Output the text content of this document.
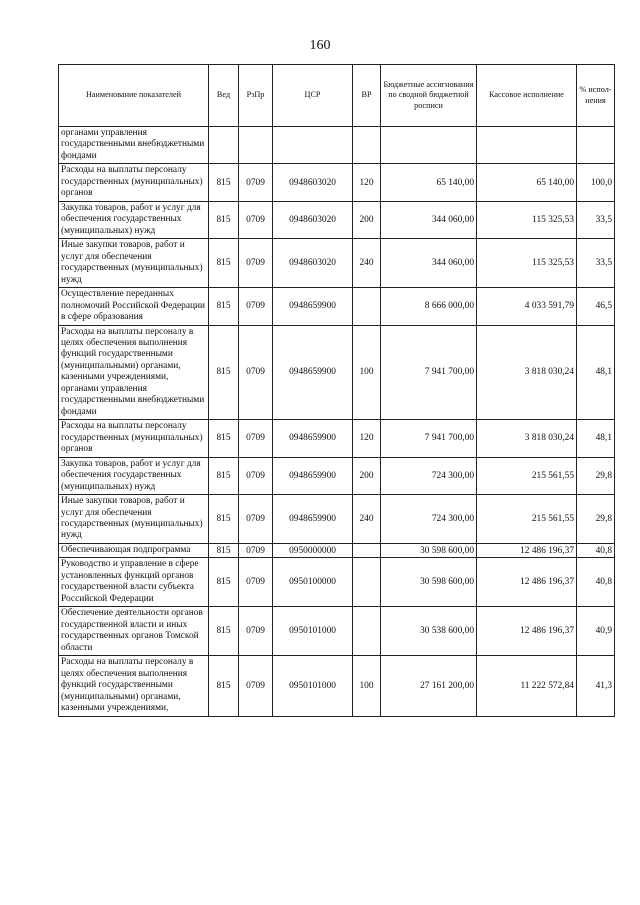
160
Наименование показателей	Вед	РзПр	ЦСР	ВР	Бюджетные ассигнования по сводной бюджетной росписи	Кассовое исполнение	% испол-нения
органами управления государственными внебюджетными фондами							
Расходы на выплаты персоналу государственных (муниципальных) органов	815	0709	0948603020	120	65 140,00	65 140,00	100,0
Закупка товаров, работ и услуг для обеспечения государственных (муниципальных) нужд	815	0709	0948603020	200	344 060,00	115 325,53	33,5
Иные закупки товаров, работ и услуг для обеспечения государственных (муниципальных) нужд	815	0709	0948603020	240	344 060,00	115 325,53	33,5
Осуществление переданных полномочий Российской Федерации в сфере образования	815	0709	0948659900		8 666 000,00	4 033 591,79	46,5
Расходы на выплаты персоналу в целях обеспечения выполнения функций государственными (муниципальными) органами, казенными учреждениями, органами управления государственными внебюджетными фондами	815	0709	0948659900	100	7 941 700,00	3 818 030,24	48,1
Расходы на выплаты персоналу государственных (муниципальных) органов	815	0709	0948659900	120	7 941 700,00	3 818 030,24	48,1
Закупка товаров, работ и услуг для обеспечения государственных (муниципальных) нужд	815	0709	0948659900	200	724 300,00	215 561,55	29,8
Иные закупки товаров, работ и услуг для обеспечения государственных (муниципальных) нужд	815	0709	0948659900	240	724 300,00	215 561,55	29,8
Обеспечивающая подпрограмма	815	0709	0950000000		30 598 600,00	12 486 196,37	40,8
Руководство и управление в сфере установленных функций органов государственной власти субъекта Российской Федерации	815	0709	0950100000		30 598 600,00	12 486 196,37	40,8
Обеспечение деятельности органов государственной власти и иных государственных органов Томской области	815	0709	0950101000		30 538 600,00	12 486 196,37	40,9
Расходы на выплаты персоналу в целях обеспечения выполнения функций государственными (муниципальными) органами, казенными учреждениями,	815	0709	0950101000	100	27 161 200,00	11 222 572,84	41,3
